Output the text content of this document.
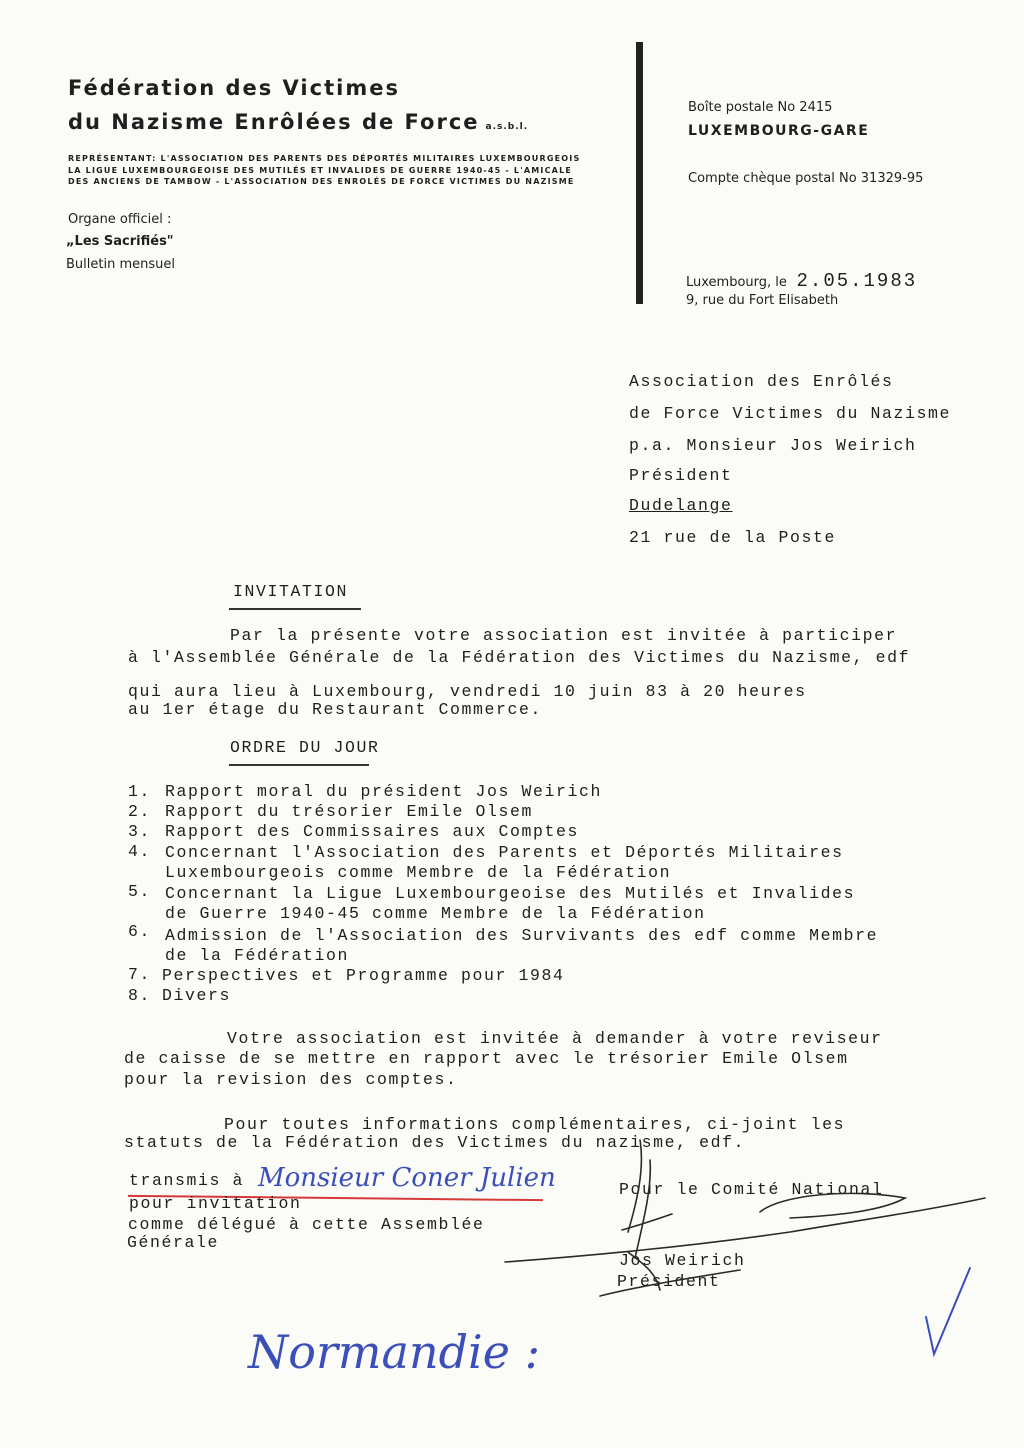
Fédération des Victimes
du Nazisme Enrôlées de Force a.s.b.l.
REPRÉSENTANT: L'ASSOCIATION DES PARENTS DES DÉPORTÉS MILITAIRES LUXEMBOURGEOIS
LA LIGUE LUXEMBOURGEOISE DES MUTILÉS ET INVALIDES DE GUERRE 1940-45 - L'AMICALE
DES ANCIENS DE TAMBOW - L'ASSOCIATION DES ENROLÉS DE FORCE VICTIMES DU NAZISME
Organe officiel :
„Les Sacrifiés"
Bulletin mensuel
Boîte postale No 2415
LUXEMBOURG-GARE
Compte chèque postal No 31329-95
Luxembourg, le 2.05.1983
9, rue du Fort Elisabeth
Association des Enrôlés
de Force Victimes du Nazisme
p.a. Monsieur Jos Weirich
Président
Dudelange
21 rue de la Poste
INVITATION
Par la présente votre association est invitée à participer
à l'Assemblée Générale de la Fédération des Victimes du Nazisme, edf
qui aura lieu à Luxembourg, vendredi 10 juin 83 à 20 heures
au 1er étage du Restaurant Commerce.
ORDRE DU JOUR
1. Rapport moral du président Jos Weirich
2. Rapport du trésorier Emile Olsem
3. Rapport des Commissaires aux Comptes
4. Concernant l'Association des Parents et Déportés Militaires
Luxembourgeois comme Membre de la Fédération
5. Concernant la Ligue Luxembourgeoise des Mutilés et Invalides
de Guerre 1940-45 comme Membre de la Fédération
6. Admission de l'Association des Survivants des edf comme Membre
de la Fédération
7. Perspectives et Programme pour 1984
8. Divers
Votre association est invitée à demander à votre reviseur
de caisse de se mettre en rapport avec le trésorier Emile Olsem
pour la revision des comptes.
Pour toutes informations complémentaires, ci-joint les
statuts de la Fédération des Victimes du nazisme, edf.
transmis à Monsieur Coner Julien
pour invitation
comme délégué à cette Assemblée
Générale
Pour le Comité National
Jos Weirich
Président
Normandie :
